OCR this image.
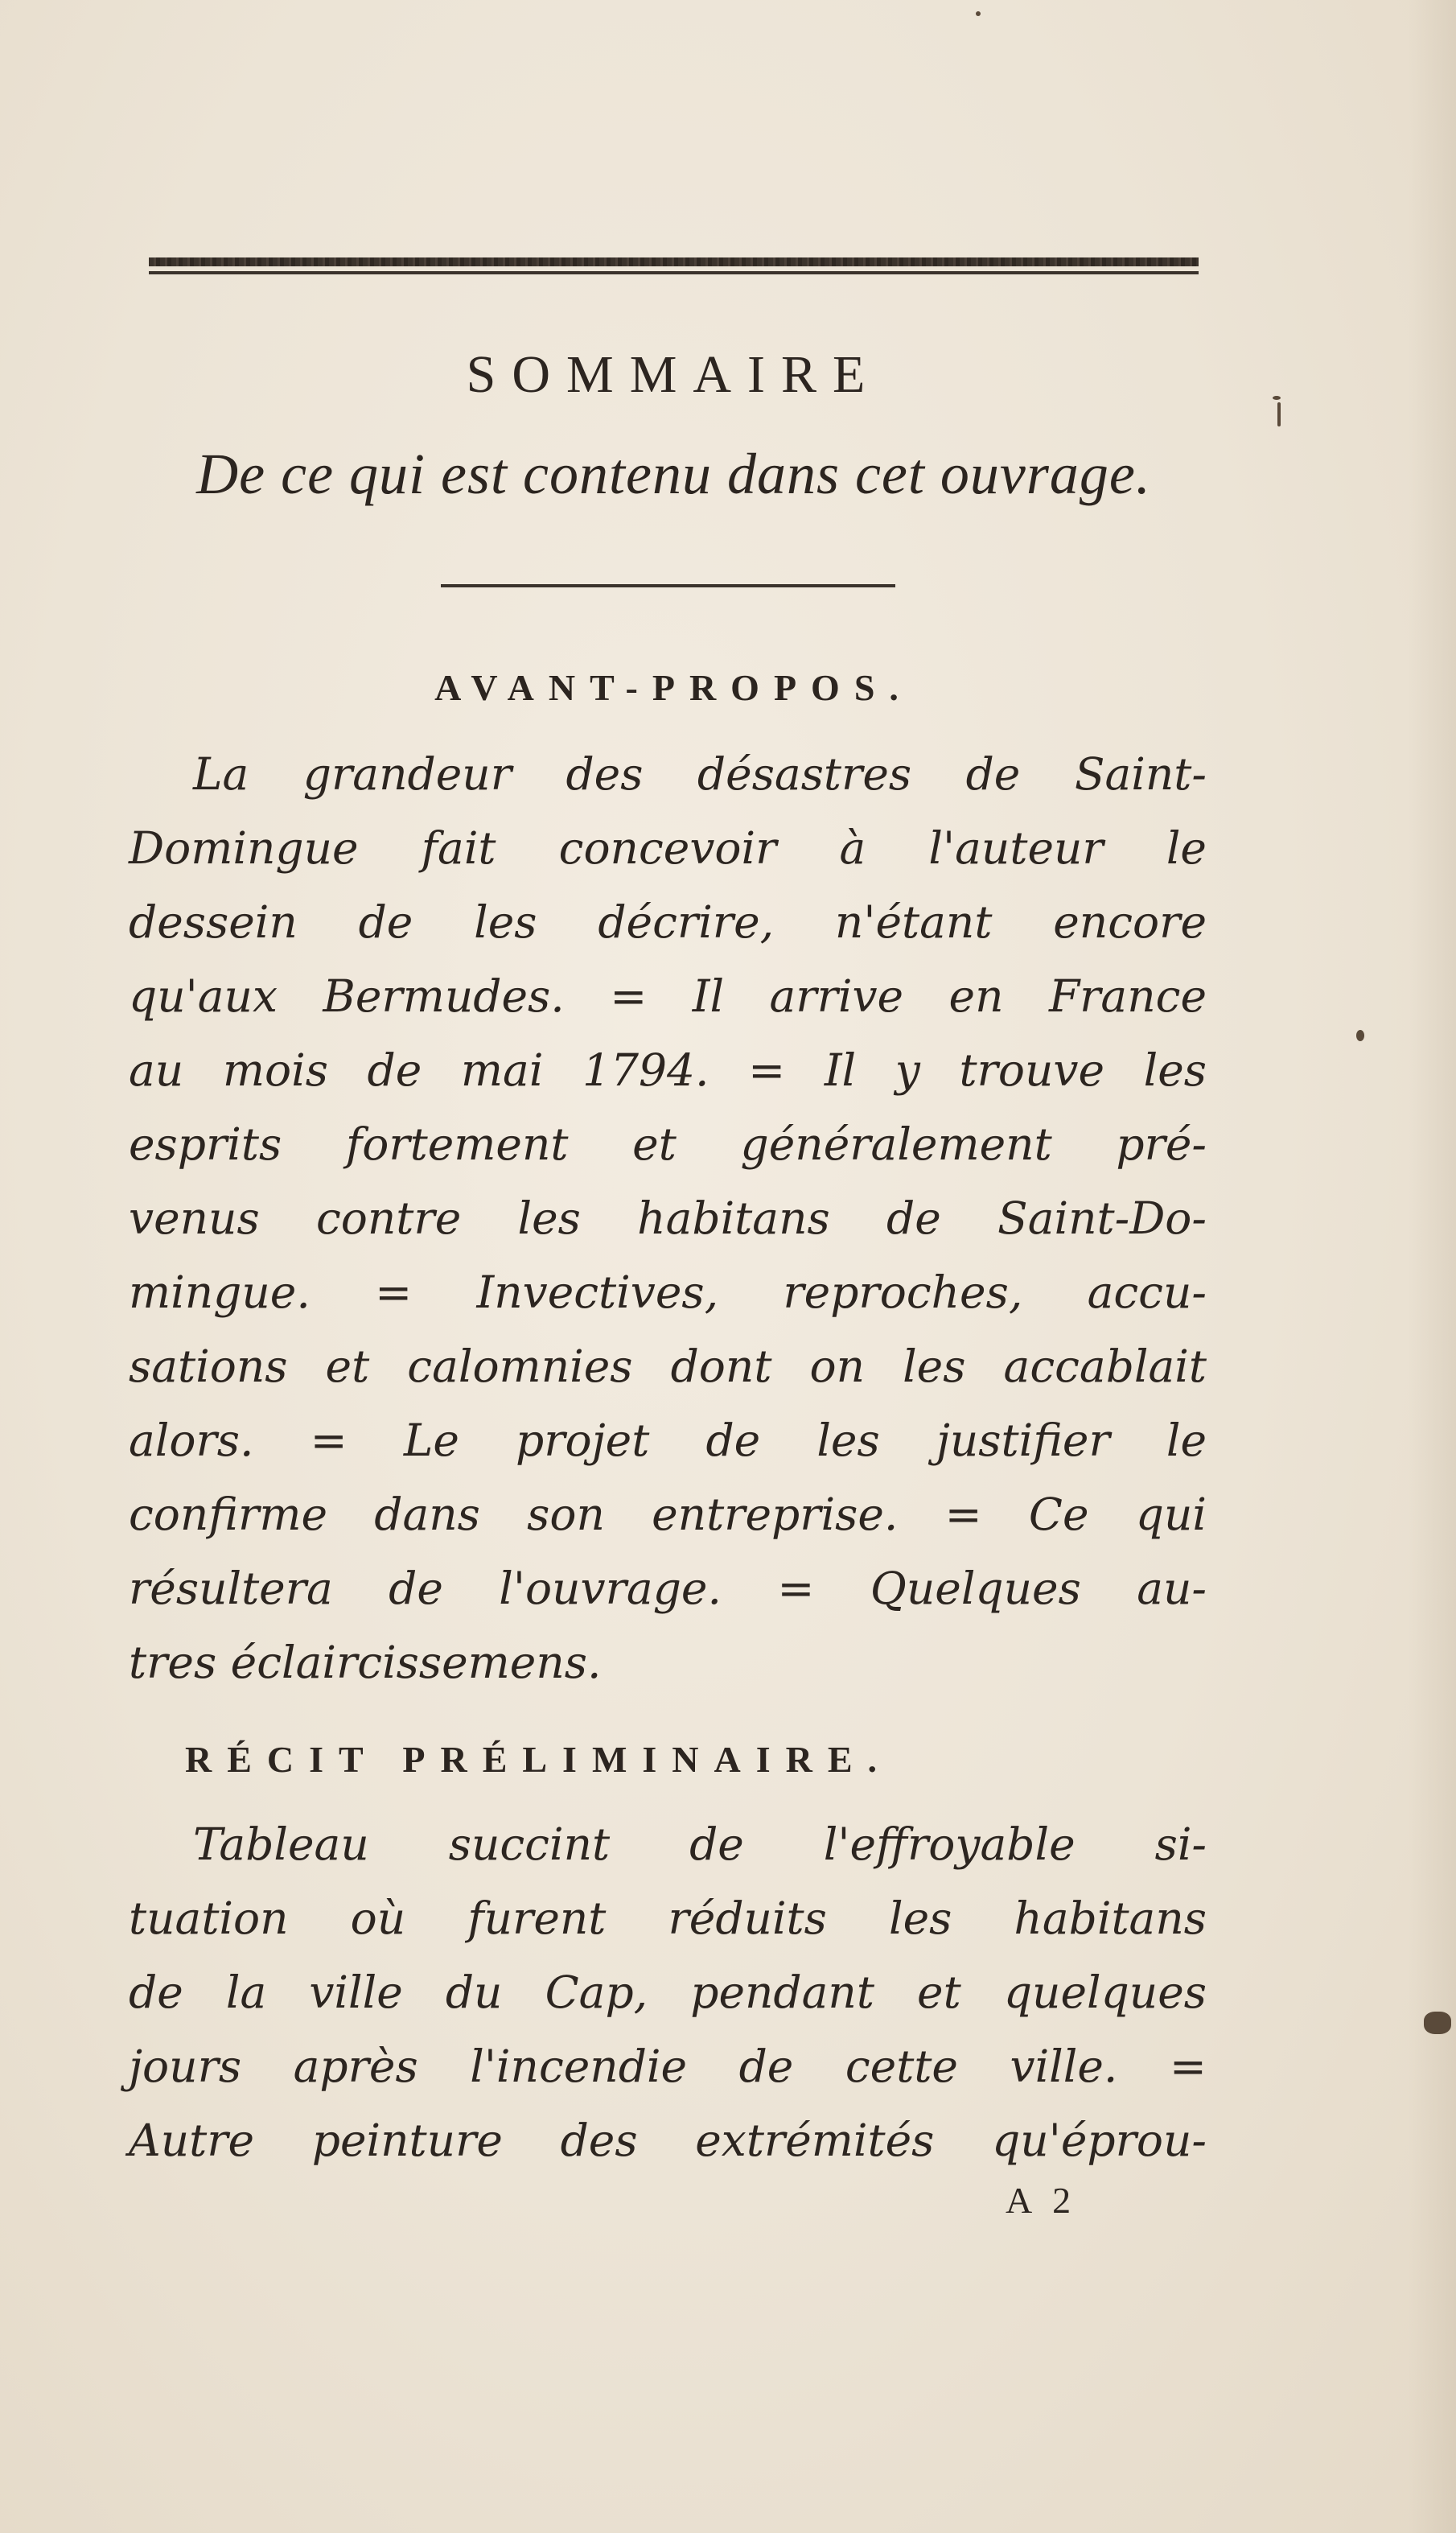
SOMMAIRE
De ce qui est contenu dans cet ouvrage.
AVANT-PROPOS.
La grandeur des désastres de Saint-
Domingue fait concevoir à l'auteur le
dessein de les décrire, n'étant encore
qu'aux Bermudes. = Il arrive en France
au mois de mai 1794. = Il y trouve les
esprits fortement et généralement pré-
venus contre les habitans de Saint-Do-
mingue. = Invectives, reproches, accu-
sations et calomnies dont on les accablait
alors. = Le projet de les justifier le
confirme dans son entreprise. = Ce qui
résultera de l'ouvrage. = Quelques au-
tres éclaircissemens.
RÉCIT PRÉLIMINAIRE.
Tableau succint de l'effroyable si-
tuation où furent réduits les habitans
de la ville du Cap, pendant et quelques
jours après l'incendie de cette ville. =
Autre peinture des extrémités qu'éprou-
A 2
